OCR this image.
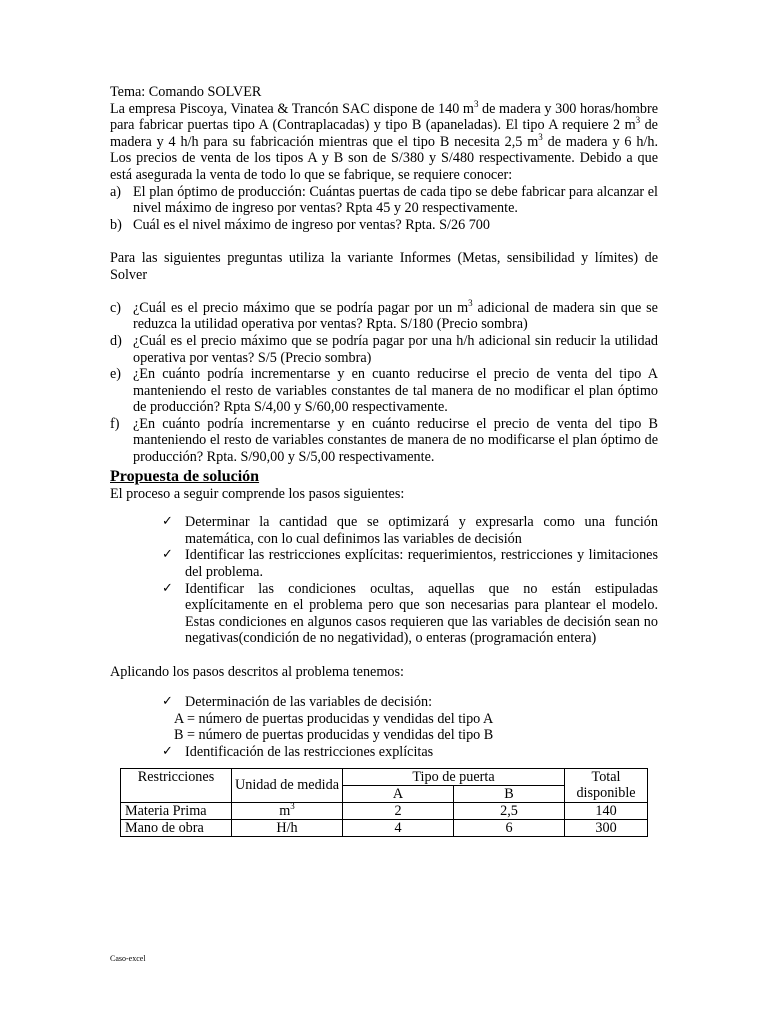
Tema: Comando SOLVER

La empresa Piscoya, Vinatea & Trancón SAC dispone de 140 $m^3$ de madera y 300 horas/hombre para fabricar puertas tipo A (Contraplacadas) y tipo B (apaneladas). El tipo A requiere 2 $m^3$ de madera y 4 h/h para su fabricación mientras que el tipo B necesita 2,5 $m^3$ de madera y 6 h/h. Los precios de venta de los tipos A y B son de S/380 y S/480 respectivamente. Debido a que está asegurada la venta de todo lo que se fabrique, se requiere conocer:

a) El plan óptimo de producción: Cuántas puertas de cada tipo se debe fabricar para alcanzar el nivel máximo de ingreso por ventas? Rpta 45 y 20 respectivamente.
b) Cuál es el nivel máximo de ingreso por ventas? Rpta. S/26 700

Para las siguientes preguntas utiliza la variante Informes (Metas, sensibilidad y límites) de Solver

c) ¿Cuál es el precio máximo que se podría pagar por un $m^3$ adicional de madera sin que se reduzca la utilidad operativa por ventas? Rpta. S/180 (Precio sombra)
d) ¿Cuál es el precio máximo que se podría pagar por una h/h adicional sin reducir la utilidad operativa por ventas? S/5 (Precio sombra)
e) ¿En cuánto podría incrementarse y en cuanto reducirse el precio de venta del tipo A manteniendo el resto de variables constantes de tal manera de no modificar el plan óptimo de producción? Rpta S/4,00 y S/60,00 respectivamente.
f) ¿En cuánto podría incrementarse y en cuánto reducirse el precio de venta del tipo B manteniendo el resto de variables constantes de manera de no modificarse el plan óptimo de producción? Rpta. S/90,00 y S/5,00 respectivamente.
Propuesta de solución

El proceso a seguir comprende los pasos siguientes:

✓ Determinar la cantidad que se optimizará y expresarla como una función matemática, con lo cual definimos las variables de decisión
✓ Identificar las restricciones explícitas: requerimientos, restricciones y limitaciones del problema.
✓ Identificar las condiciones ocultas, aquellas que no están estipuladas explícitamente en el problema pero que son necesarias para plantear el modelo. Estas condiciones en algunos casos requieren que las variables de decisión sean no negativas(condición de no negatividad), o enteras (programación entera)

Aplicando los pasos descritos al problema tenemos:

✓ Determinación de las variables de decisión:

A = número de puertas producidas y vendidas del tipo A

B = número de puertas producidas y vendidas del tipo B

✓ Identificación de las restricciones explícitas
Restricciones	Unidad de medida	Tipo de puerta		Total disponible
		A	B	
Materia Prima	$m^3$	2	2,5	140
Mano de obra	H/h	4	6	300
Caso-excel
